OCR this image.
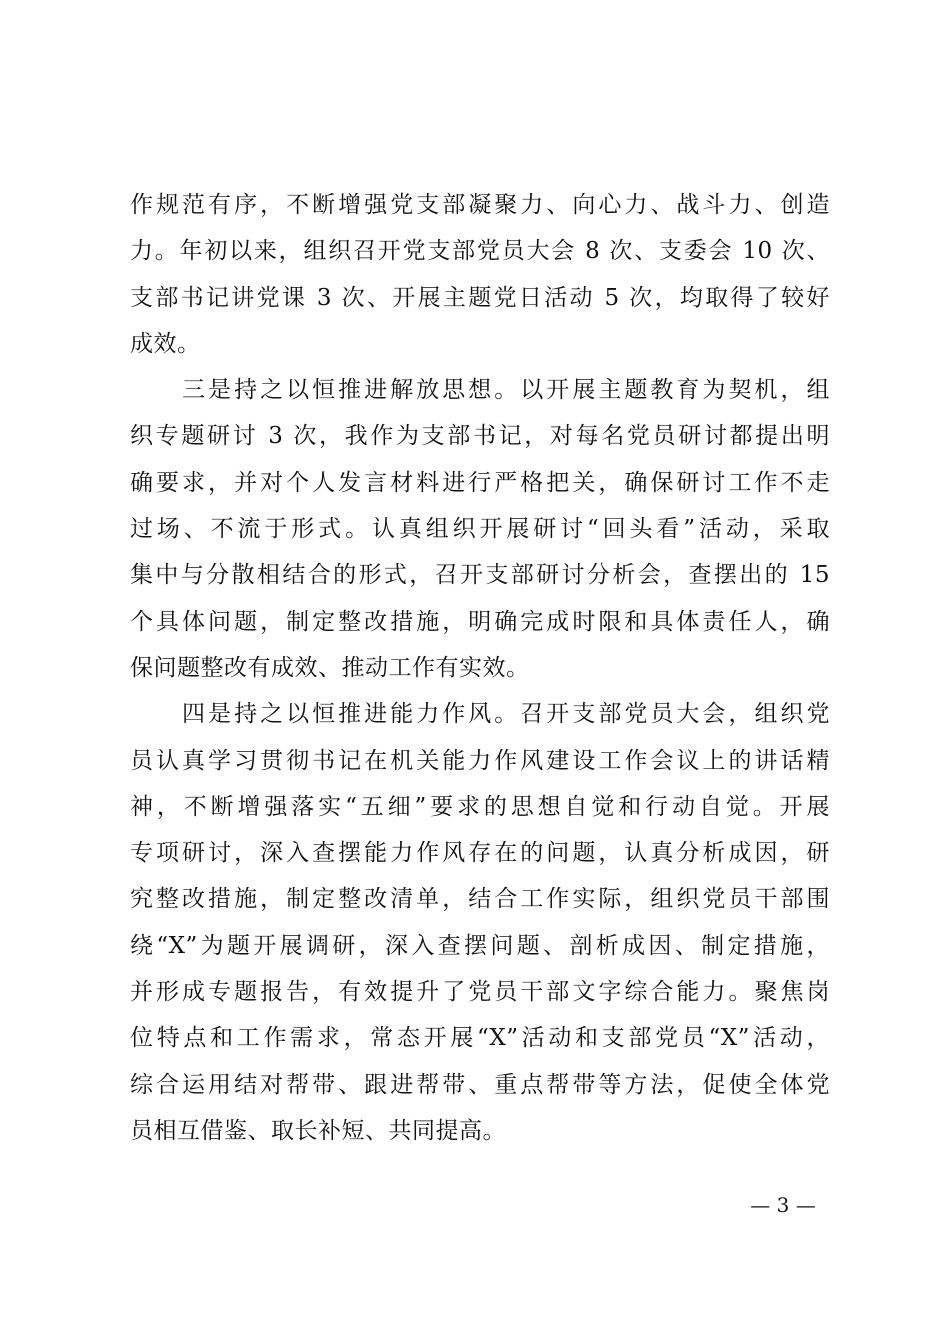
作规范有序，不断增强党支部凝聚力、向心力、战斗力、创造
力。年初以来，组织召开党支部党员大会 8 次、支委会 10 次、
支部书记讲党课 3 次、开展主题党日活动 5 次，均取得了较好
成效。
　　三是持之以恒推进解放思想。以开展主题教育为契机，组
织专题研讨 3 次，我作为支部书记，对每名党员研讨都提出明
确要求，并对个人发言材料进行严格把关，确保研讨工作不走
过场、不流于形式。认真组织开展研讨“回头看”活动，采取
集中与分散相结合的形式，召开支部研讨分析会，查摆出的 15
个具体问题，制定整改措施，明确完成时限和具体责任人，确
保问题整改有成效、推动工作有实效。
　　四是持之以恒推进能力作风。召开支部党员大会，组织党
员认真学习贯彻书记在机关能力作风建设工作会议上的讲话精
神，不断增强落实“五细”要求的思想自觉和行动自觉。开展
专项研讨，深入查摆能力作风存在的问题，认真分析成因，研
究整改措施，制定整改清单，结合工作实际，组织党员干部围
绕“X”为题开展调研，深入查摆问题、剖析成因、制定措施，
并形成专题报告，有效提升了党员干部文字综合能力。聚焦岗
位特点和工作需求，常态开展“X”活动和支部党员“X”活动，
综合运用结对帮带、跟进帮带、重点帮带等方法，促使全体党
员相互借鉴、取长补短、共同提高。
— 3 —
